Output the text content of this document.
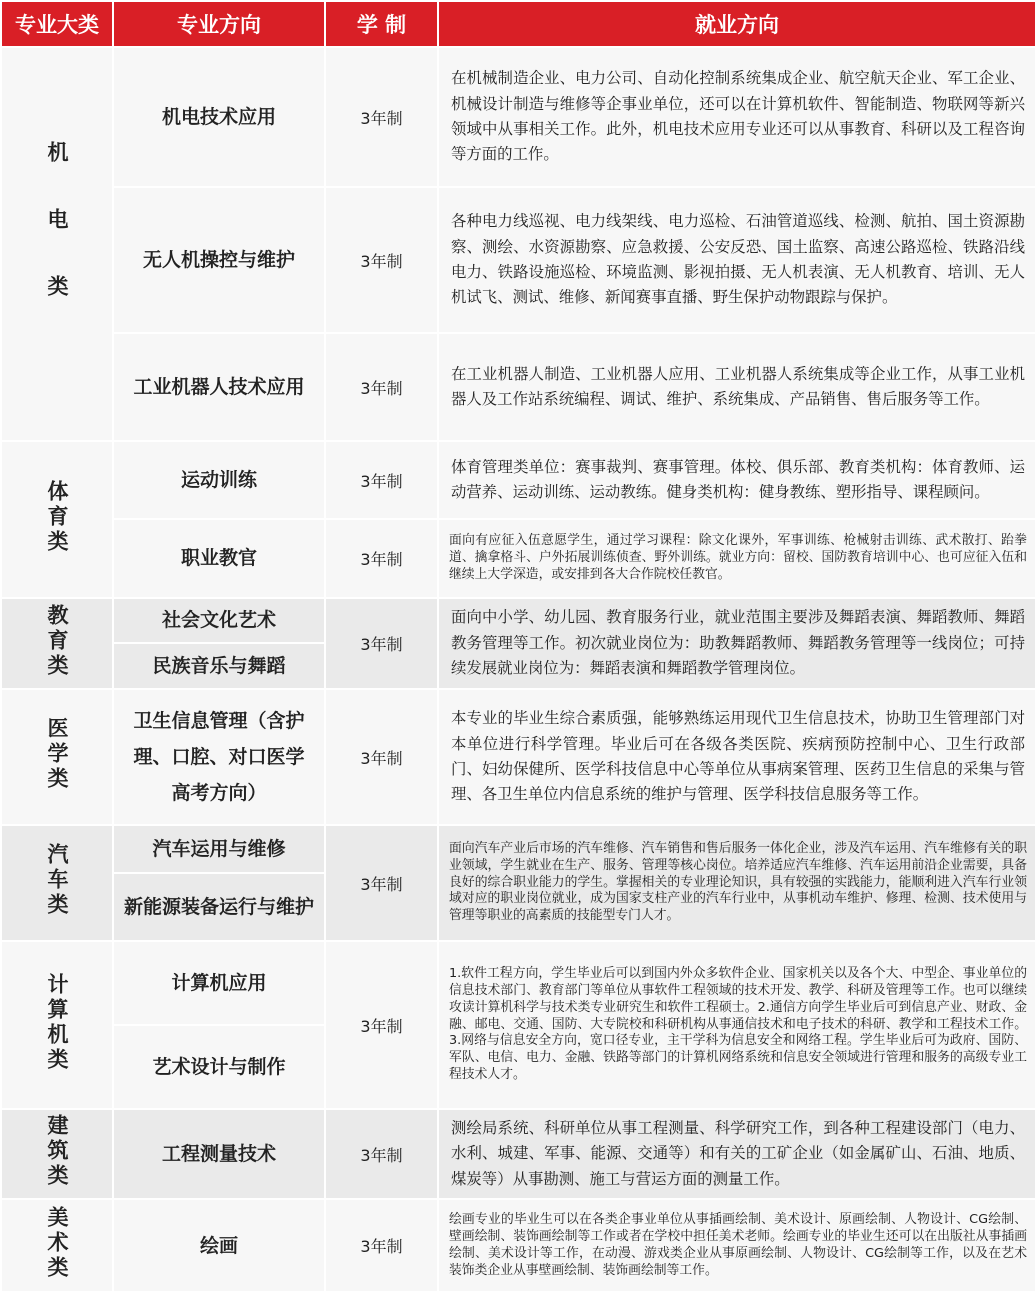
专业大类	专业方向	学 制	就业方向
机电类	机电技术应用	3年制	在机械制造企业、电力公司、自动化控制系统集成企业、航空航天企业、军工企业、机械设计制造与维修等企事业单位，还可以在计算机软件、智能制造、物联网等新兴领域中从事相关工作。此外，机电技术应用专业还可以从事教育、科研以及工程咨询等方面的工作。
	无人机操控与维护	3年制	各种电力线巡视、电力线架线、电力巡检、石油管道巡线、检测、航拍、国土资源勘察、测绘、水资源勘察、应急救援、公安反恐、国土监察、高速公路巡检、铁路沿线电力、铁路设施巡检、环境监测、影视拍摄、无人机表演、无人机教育、培训、无人机试飞、测试、维修、新闻赛事直播、野生保护动物跟踪与保护。
	工业机器人技术应用	3年制	在工业机器人制造、工业机器人应用、工业机器人系统集成等企业工作，从事工业机器人及工作站系统编程、调试、维护、系统集成、产品销售、售后服务等工作。
体育类	运动训练	3年制	体育管理类单位：赛事裁判、赛事管理。体校、俱乐部、教育类机构：体育教师、运动营养、运动训练、运动教练。健身类机构：健身教练、塑形指导、课程顾问。
	职业教官	3年制	面向有应征入伍意愿学生，通过学习课程：除文化课外，军事训练、枪械射击训练、武术散打、跆拳道、擒拿格斗、户外拓展训练侦查、野外训练。就业方向：留校、国防教育培训中心、也可应征入伍和继续上大学深造，或安排到各大合作院校任教官。
教育类	社会文化艺术	3年制	面向中小学、幼儿园、教育服务行业，就业范围主要涉及舞蹈表演、舞蹈教师、舞蹈教务管理等工作。初次就业岗位为：助教舞蹈教师、舞蹈教务管理等一线岗位；可持续发展就业岗位为：舞蹈表演和舞蹈教学管理岗位。
	民族音乐与舞蹈		
医学类	卫生信息管理（含护理、口腔、对口医学高考方向）	3年制	本专业的毕业生综合素质强，能够熟练运用现代卫生信息技术，协助卫生管理部门对本单位进行科学管理。毕业后可在各级各类医院、疾病预防控制中心、卫生行政部门、妇幼保健所、医学科技信息中心等单位从事病案管理、医药卫生信息的采集与管理、各卫生单位内信息系统的维护与管理、医学科技信息服务等工作。
汽车类	汽车运用与维修	3年制	面向汽车产业后市场的汽车维修、汽车销售和售后服务一体化企业，涉及汽车运用、汽车维修有关的职业领域，学生就业在生产、服务、管理等核心岗位。培养适应汽车维修、汽车运用前沿企业需要，具备良好的综合职业能力的学生。掌握相关的专业理论知识，具有较强的实践能力，能顺利进入汽车行业领域对应的职业岗位就业，成为国家支柱产业的汽车行业中，从事机动车维护、修理、检测、技术使用与管理等职业的高素质的技能型专门人才。
	新能源装备运行与维护		
计算机类	计算机应用	3年制	1.软件工程方向，学生毕业后可以到国内外众多软件企业、国家机关以及各个大、中型企、事业单位的信息技术部门、教育部门等单位从事软件工程领域的技术开发、教学、科研及管理等工作。也可以继续攻读计算机科学与技术类专业研究生和软件工程硕士。2.通信方向学生毕业后可到信息产业、财政、金融、邮电、交通、国防、大专院校和科研机构从事通信技术和电子技术的科研、教学和工程技术工作。3.网络与信息安全方向，宽口径专业，主干学科为信息安全和网络工程。学生毕业后可为政府、国防、军队、电信、电力、金融、铁路等部门的计算机网络系统和信息安全领域进行管理和服务的高级专业工程技术人才。
	艺术设计与制作		
建筑类	工程测量技术	3年制	测绘局系统、科研单位从事工程测量、科学研究工作，到各种工程建设部门（电力、水利、城建、军事、能源、交通等）和有关的工矿企业（如金属矿山、石油、地质、煤炭等）从事勘测、施工与营运方面的测量工作。
美术类	绘画	3年制	绘画专业的毕业生可以在各类企事业单位从事插画绘制、美术设计、原画绘制、人物设计、CG绘制、壁画绘制、装饰画绘制等工作或者在学校中担任美术老师。绘画专业的毕业生还可以在出版社从事插画绘制、美术设计等工作，在动漫、游戏类企业从事原画绘制、人物设计、CG绘制等工作，以及在艺术装饰类企业从事壁画绘制、装饰画绘制等工作。
